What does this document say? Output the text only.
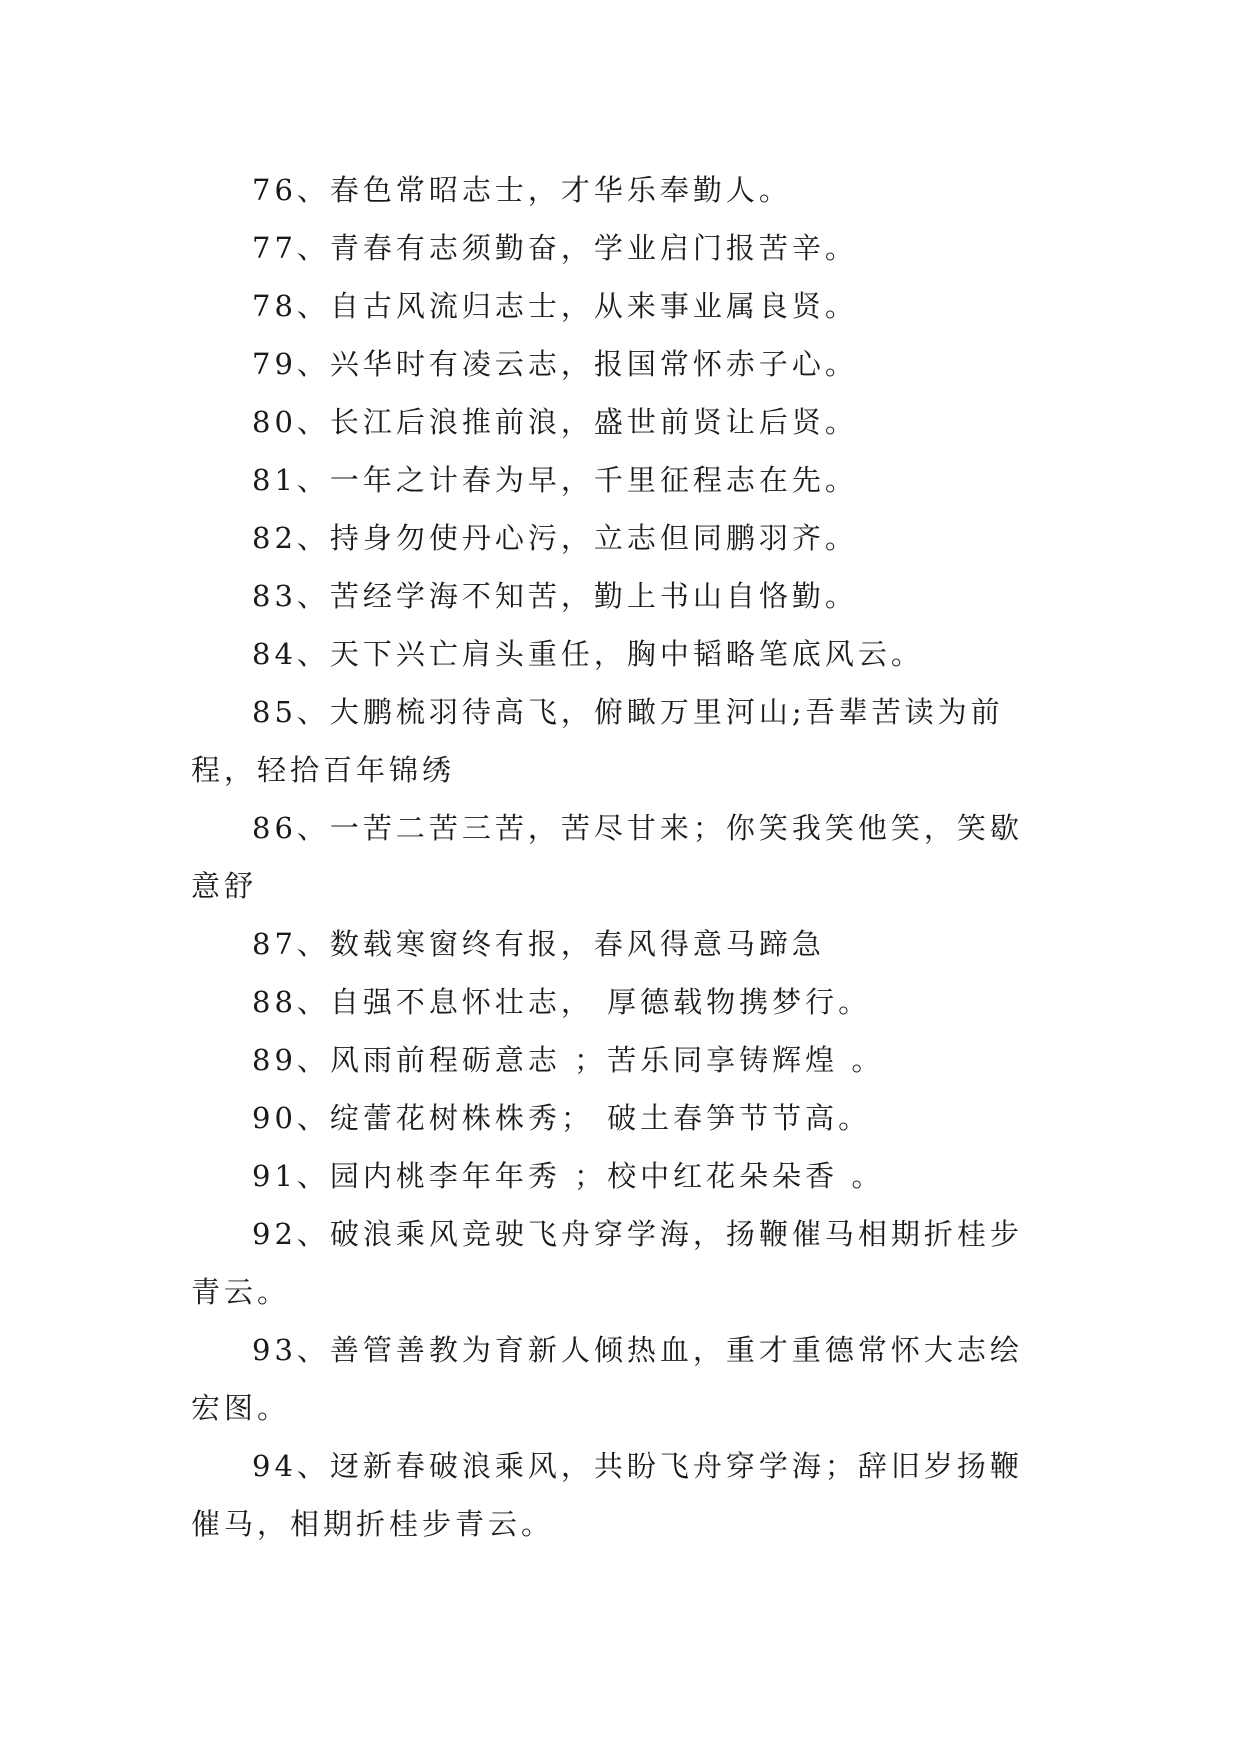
76、春色常昭志士，才华乐奉勤人。

77、青春有志须勤奋，学业启门报苦辛。

78、自古风流归志士，从来事业属良贤。

79、兴华时有凌云志，报国常怀赤子心。

80、长江后浪推前浪，盛世前贤让后贤。

81、一年之计春为早，千里征程志在先。

82、持身勿使丹心污，立志但同鹏羽齐。

83、苦经学海不知苦，勤上书山自恪勤。

84、天下兴亡肩头重任，胸中韬略笔底风云。

85、大鹏梳羽待高飞，俯瞰万里河山;吾辈苦读为前程，轻拾百年锦绣

86、一苦二苦三苦，苦尽甘来；你笑我笑他笑，笑歇意舒

87、数载寒窗终有报，春风得意马蹄急

88、自强不息怀壮志， 厚德载物携梦行。

89、风雨前程砺意志 ；苦乐同享铸辉煌 。

90、绽蕾花树株株秀； 破土春笋节节高。

91、园内桃李年年秀 ；校中红花朵朵香 。

92、破浪乘风竞驶飞舟穿学海，扬鞭催马相期折桂步青云。

93、善管善教为育新人倾热血，重才重德常怀大志绘宏图。

94、迓新春破浪乘风，共盼飞舟穿学海；辞旧岁扬鞭催马，相期折桂步青云。
